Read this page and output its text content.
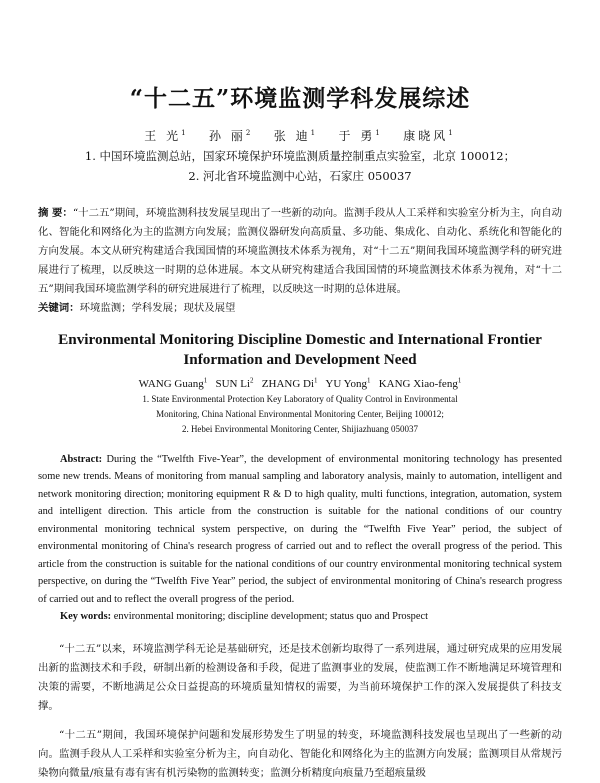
“十二五”环境监测学科发展综述
王 光$^1$ 孙 丽$^2$ 张 迪$^1$ 于 勇$^1$ 康晓风$^1$
1. 中国环境监测总站，国家环境保护环境监测质量控制重点实验室，北京 100012；
2. 河北省环境监测中心站，石家庄 050037
摘 要：“十二五”期间，环境监测科技发展呈现出了一些新的动向。监测手段从人工采样和实验室分析为主，向自动化、智能化和网络化为主的监测方向发展；监测仪器研发向高质量、多功能、集成化、自动化、系统化和智能化的方向发展。本文从研究构建适合我国国情的环境监测技术体系为视角，对“十二五”期间我国环境监测学科的研究进展进行了梳理，以反映这一时期的总体进展。本文从研究构建适合我国国情的环境监测技术体系为视角，对“十二五”期间我国环境监测学科的研究进展进行了梳理，以反映这一时期的总体进展。
关键词：环境监测；学科发展；现状及展望
Environmental Monitoring Discipline Domestic and International Frontier Information and Development Need
WANG Guang$^1$ SUN Li$^2$ ZHANG Di$^1$ YU Yong$^1$ KANG Xiao-feng$^1$
1. State Environmental Protection Key Laboratory of Quality Control in Environmental
Monitoring, China National Environmental Monitoring Center, Beijing 100012;
2. Hebei Environmental Monitoring Center, Shijiazhuang 050037
Abstract: During the “Twelfth Five-Year”, the development of environmental monitoring technology has presented some new trends. Means of monitoring from manual sampling and laboratory analysis, mainly to automation, intelligent and network monitoring direction; monitoring equipment R & D to high quality, multi functions, integration, automation, system and intelligent direction. This article from the construction is suitable for the national conditions of our country environmental monitoring technical system perspective, on during the “Twelfth Five Year” period, the subject of environmental monitoring of China's research progress of carried out and to reflect the overall progress of the period. This article from the construction is suitable for the national conditions of our country environmental monitoring technical system perspective, on during the “Twelfth Five Year” period, the subject of environmental monitoring of China's research progress of carried out and to reflect the overall progress of the period.
Key words: environmental monitoring; discipline development; status quo and Prospect

“十二五”以来，环境监测学科无论是基础研究，还是技术创新均取得了一系列进展，通过研究成果的应用发展出新的监测技术和手段，研制出新的检测设备和手段，促进了监测事业的发展，使监测工作不断地满足环境管理和决策的需要，不断地满足公众日益提高的环境质量知情权的需要，为当前环境保护工作的深入发展提供了科技支撑。

“十二五”期间，我国环境保护问题和发展形势发生了明显的转变，环境监测科技发展也呈现出了一些新的动向。监测手段从人工采样和实验室分析为主，向自动化、智能化和网络化为主的监测方向发展；监测项目从常规污染物向微量/痕量有毒有害有机污染物的监测转变；监测分析精度向痕量乃至超痕量级
